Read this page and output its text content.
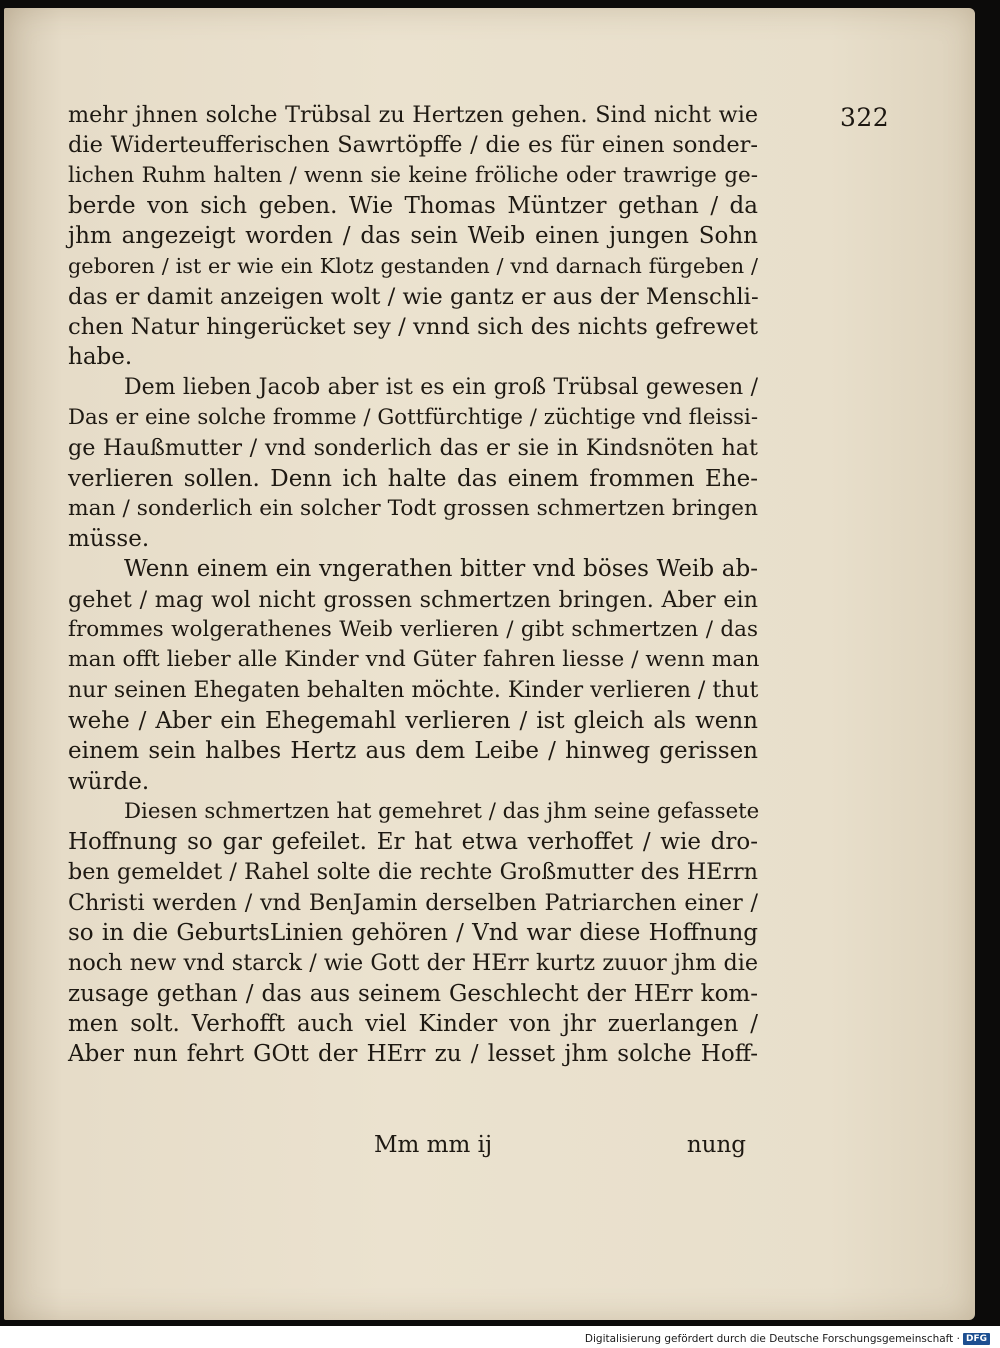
322
mehr jhnen solche Trübsal zu Hertzen gehen. Sind nicht wie
die Widerteufferischen Sawrtöpffe / die es für einen sonder-
lichen Ruhm halten / wenn sie keine fröliche oder trawrige ge-
berde von sich geben. Wie Thomas Müntzer gethan / da
jhm angezeigt worden / das sein Weib einen jungen Sohn
geboren / ist er wie ein Klotz gestanden / vnd darnach fürgeben /
das er damit anzeigen wolt / wie gantz er aus der Menschli-
chen Natur hingerücket sey / vnnd sich des nichts gefrewet
habe.
Dem lieben Jacob aber ist es ein groß Trübsal gewesen /
Das er eine solche fromme / Gottfürchtige / züchtige vnd fleissi-
ge Haußmutter / vnd sonderlich das er sie in Kindsnöten hat
verlieren sollen. Denn ich halte das einem frommen Ehe-
man / sonderlich ein solcher Todt grossen schmertzen bringen
müsse.
Wenn einem ein vngerathen bitter vnd böses Weib ab-
gehet / mag wol nicht grossen schmertzen bringen. Aber ein
frommes wolgerathenes Weib verlieren / gibt schmertzen / das
man offt lieber alle Kinder vnd Güter fahren liesse / wenn man
nur seinen Ehegaten behalten möchte. Kinder verlieren / thut
wehe / Aber ein Ehegemahl verlieren / ist gleich als wenn
einem sein halbes Hertz aus dem Leibe / hinweg gerissen
würde.
Diesen schmertzen hat gemehret / das jhm seine gefassete
Hoffnung so gar gefeilet. Er hat etwa verhoffet / wie dro-
ben gemeldet / Rahel solte die rechte Großmutter des HErrn
Christi werden / vnd BenJamin derselben Patriarchen einer /
so in die GeburtsLinien gehören / Vnd war diese Hoffnung
noch new vnd starck / wie Gott der HErr kurtz zuuor jhm die
zusage gethan / das aus seinem Geschlecht der HErr kom-
men solt. Verhofft auch viel Kinder von jhr zuerlangen /
Aber nun fehrt GOtt der HErr zu / lesset jhm solche Hoff-
Mm mm ij	nung
Digitalisierung gefördert durch die Deutsche Forschungsgemeinschaft · DFG
